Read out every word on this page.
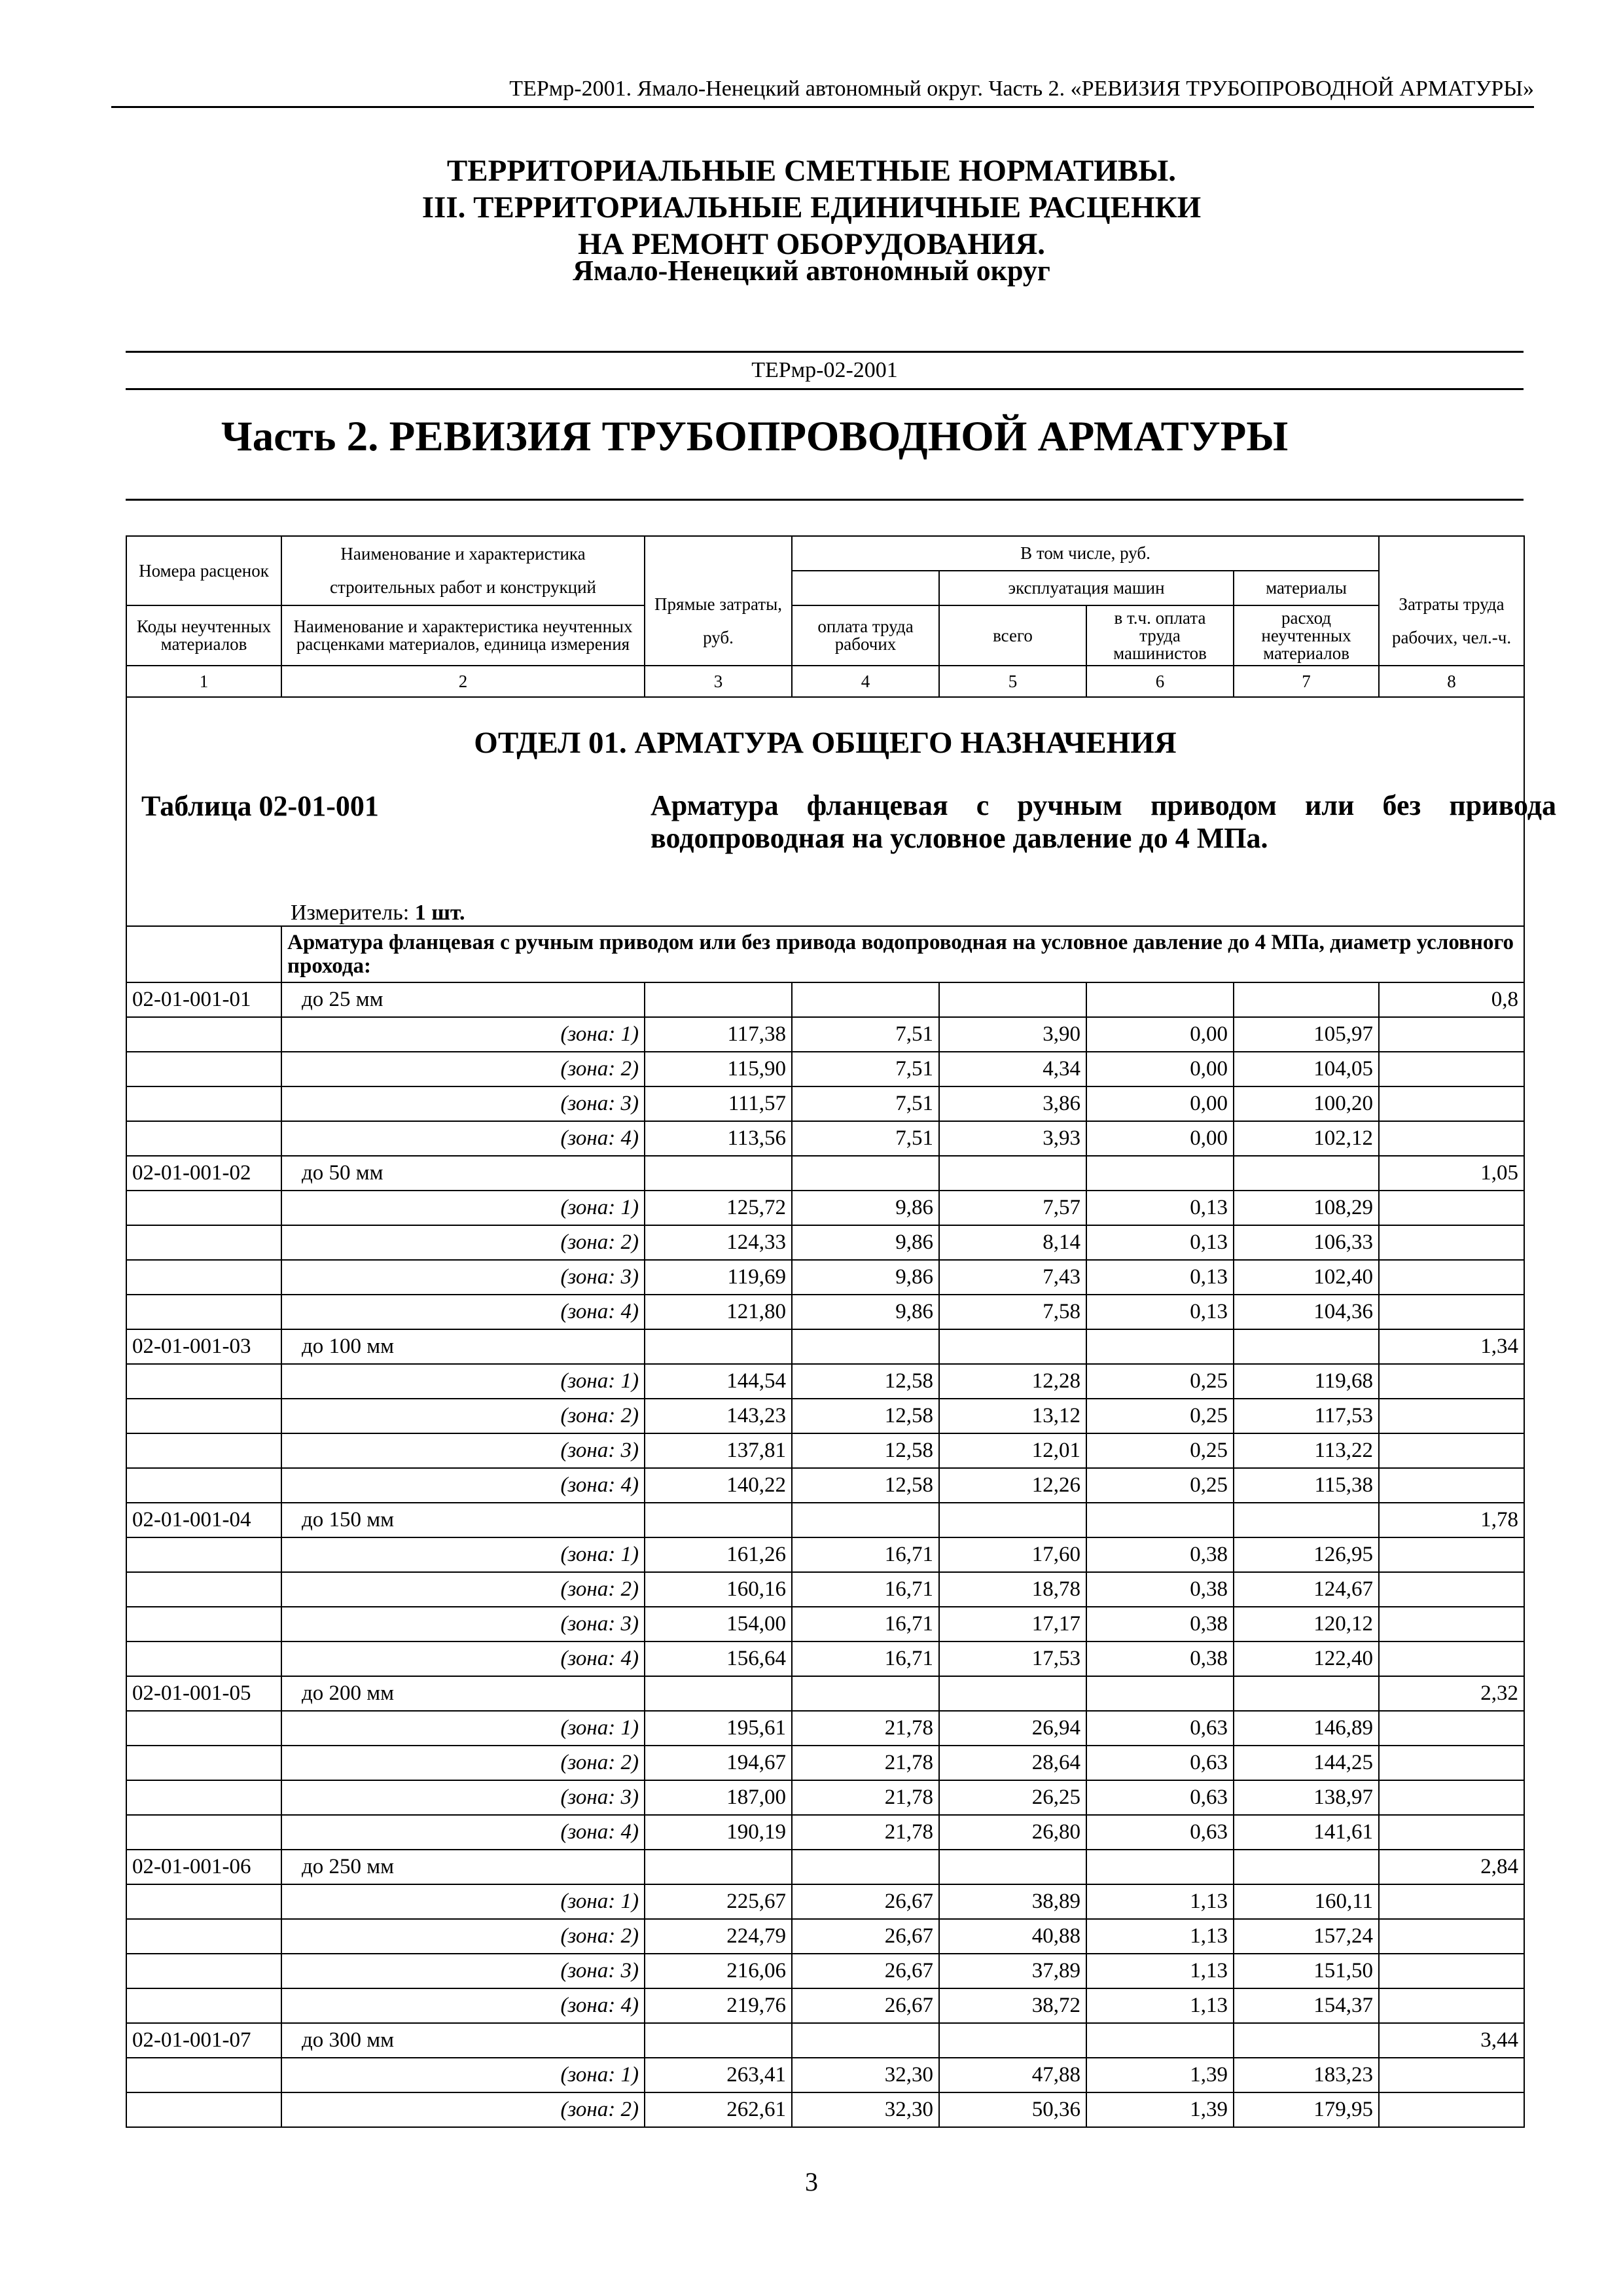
ТЕРмр-2001. Ямало-Ненецкий автономный округ. Часть 2. «РЕВИЗИЯ ТРУБОПРОВОДНОЙ АРМАТУРЫ»
ТЕРРИТОРИАЛЬНЫЕ СМЕТНЫЕ НОРМАТИВЫ.
III. ТЕРРИТОРИАЛЬНЫЕ ЕДИНИЧНЫЕ РАСЦЕНКИ
НА РЕМОНТ ОБОРУДОВАНИЯ.
Ямало-Ненецкий автономный округ
ТЕРмр-02-2001
Часть 2. РЕВИЗИЯ ТРУБОПРОВОДНОЙ АРМАТУРЫ
Номера расценок	Наименование и характеристика строительных работ и конструкций	Прямые затраты, руб.	В том числе, руб.				Затраты труда рабочих, чел.-ч.
				эксплуатация машин		материалы	
Коды неучтенных материалов	Наименование и характеристика неучтенных расценками материалов, единица измерения		оплата труда рабочих	всего	в т.ч. оплата труда машинистов	расход неучтенных материалов	
1	2	3	4	5	6	7	8

ОТДЕЛ 01. АРМАТУРА ОБЩЕГО НАЗНАЧЕНИЯ
Таблица 02-01-001 Арматура фланцевая с ручным приводом или без привода водопроводная на условное давление до 4 МПа.
Измеритель: 1 шт.							

	Арматура фланцевая с ручным приводом или без привода водопроводная на условное давление до 4 МПа, диаметр условного прохода:						
02-01-001-01	до 25 мм						0,8
	(зона: 1)	117,38	7,51	3,90	0,00	105,97	
	(зона: 2)	115,90	7,51	4,34	0,00	104,05	
	(зона: 3)	111,57	7,51	3,86	0,00	100,20	
	(зона: 4)	113,56	7,51	3,93	0,00	102,12	
02-01-001-02	до 50 мм						1,05
	(зона: 1)	125,72	9,86	7,57	0,13	108,29	
	(зона: 2)	124,33	9,86	8,14	0,13	106,33	
	(зона: 3)	119,69	9,86	7,43	0,13	102,40	
	(зона: 4)	121,80	9,86	7,58	0,13	104,36	
02-01-001-03	до 100 мм						1,34
	(зона: 1)	144,54	12,58	12,28	0,25	119,68	
	(зона: 2)	143,23	12,58	13,12	0,25	117,53	
	(зона: 3)	137,81	12,58	12,01	0,25	113,22	
	(зона: 4)	140,22	12,58	12,26	0,25	115,38	
02-01-001-04	до 150 мм						1,78
	(зона: 1)	161,26	16,71	17,60	0,38	126,95	
	(зона: 2)	160,16	16,71	18,78	0,38	124,67	
	(зона: 3)	154,00	16,71	17,17	0,38	120,12	
	(зона: 4)	156,64	16,71	17,53	0,38	122,40	
02-01-001-05	до 200 мм						2,32
	(зона: 1)	195,61	21,78	26,94	0,63	146,89	
	(зона: 2)	194,67	21,78	28,64	0,63	144,25	
	(зона: 3)	187,00	21,78	26,25	0,63	138,97	
	(зона: 4)	190,19	21,78	26,80	0,63	141,61	
02-01-001-06	до 250 мм						2,84
	(зона: 1)	225,67	26,67	38,89	1,13	160,11	
	(зона: 2)	224,79	26,67	40,88	1,13	157,24	
	(зона: 3)	216,06	26,67	37,89	1,13	151,50	
	(зона: 4)	219,76	26,67	38,72	1,13	154,37	
02-01-001-07	до 300 мм						3,44
	(зона: 1)	263,41	32,30	47,88	1,39	183,23	
	(зона: 2)	262,61	32,30	50,36	1,39	179,95	
3
